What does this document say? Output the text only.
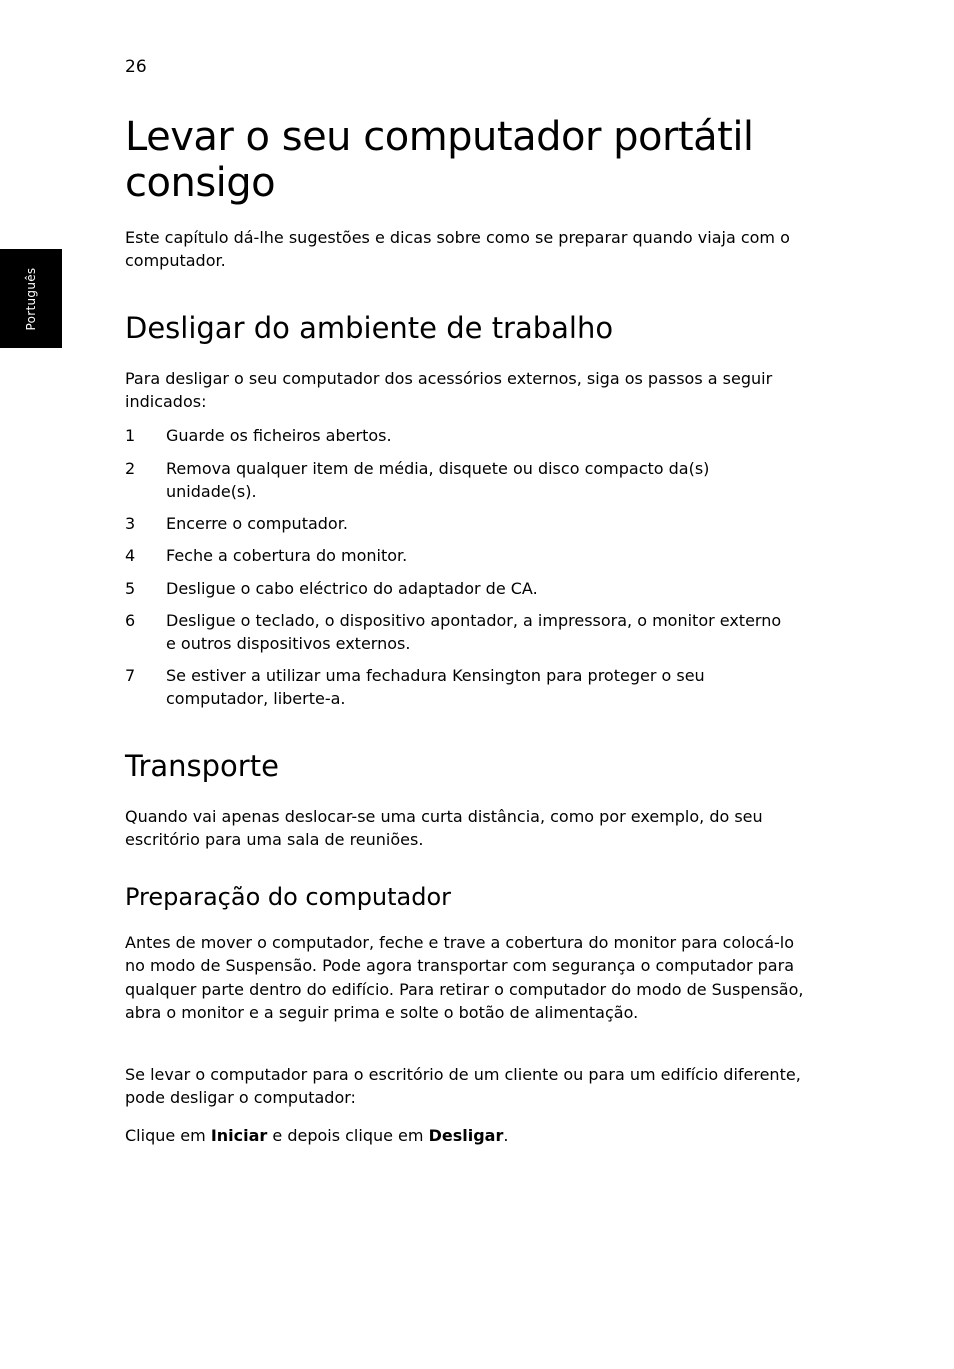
26
Português
Levar o seu computador portátil consigo

Este capítulo dá-lhe sugestões e dicas sobre como se preparar quando viaja com o computador.

Desligar do ambiente de trabalho

Para desligar o seu computador dos acessórios externos, siga os passos a seguir indicados:

1 Guarde os ficheiros abertos.
2 Remova qualquer item de média, disquete ou disco compacto da(s) unidade(s).
3 Encerre o computador.
4 Feche a cobertura do monitor.
5 Desligue o cabo eléctrico do adaptador de CA.
6 Desligue o teclado, o dispositivo apontador, a impressora, o monitor externo e outros dispositivos externos.
7 Se estiver a utilizar uma fechadura Kensington para proteger o seu computador, liberte-a.
Transporte

Quando vai apenas deslocar-se uma curta distância, como por exemplo, do seu escritório para uma sala de reuniões.

Preparação do computador

Antes de mover o computador, feche e trave a cobertura do monitor para colocá-lo no modo de Suspensão. Pode agora transportar com segurança o computador para qualquer parte dentro do edifício. Para retirar o computador do modo de Suspensão, abra o monitor e a seguir prima e solte o botão de alimentação.

Se levar o computador para o escritório de um cliente ou para um edifício diferente, pode desligar o computador:

Clique em Iniciar e depois clique em Desligar.
